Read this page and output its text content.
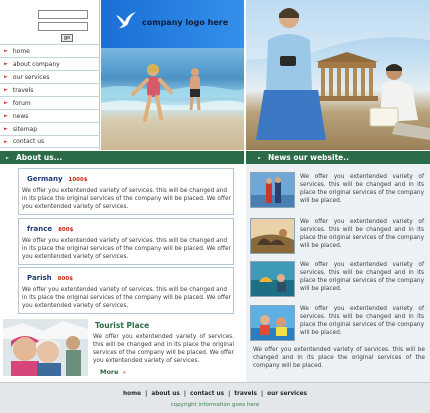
go
► home
► about company
► our services
► travels
► forum
► news
► sitemap
► contact us
company logo here
► About us...	► News our website..
Germany 1000$
We offer you extentended variety of services. this will be changed and in its place the original services of the company will be placed. We offer you extentended variety of services.
france 800$
We offer you extentended variety of services. this will be changed and in its place the original services of the company will be placed. We offer you extentended variety of services.
Parish 800$
We offer you extentended variety of services. this will be changed and in its place the original services of the company will be placed. We offer you extentended variety of services.
Tourist Place
We offer you extentended variety of services. this will be changed and in its place the original services of the company will be placed. We offer you extentended variety of services.
More »
We offer you extentended variety of services. this will be changed and in its place the original services of the company will be placed.
We offer you extentended variety of services. this will be changed and in its place the original services of the company will be placed.
We offer you extentended variety of services. this will be changed and in its place the original services of the company will be placed.
We offer you extentended variety of services. this will be changed and in its place the original services of the company will be placed.
We offer you extentended variety of services. this will be changed and in its place the original services of the company will be placed.
home | about us | contact us | travels | our services
copyright information goes here
